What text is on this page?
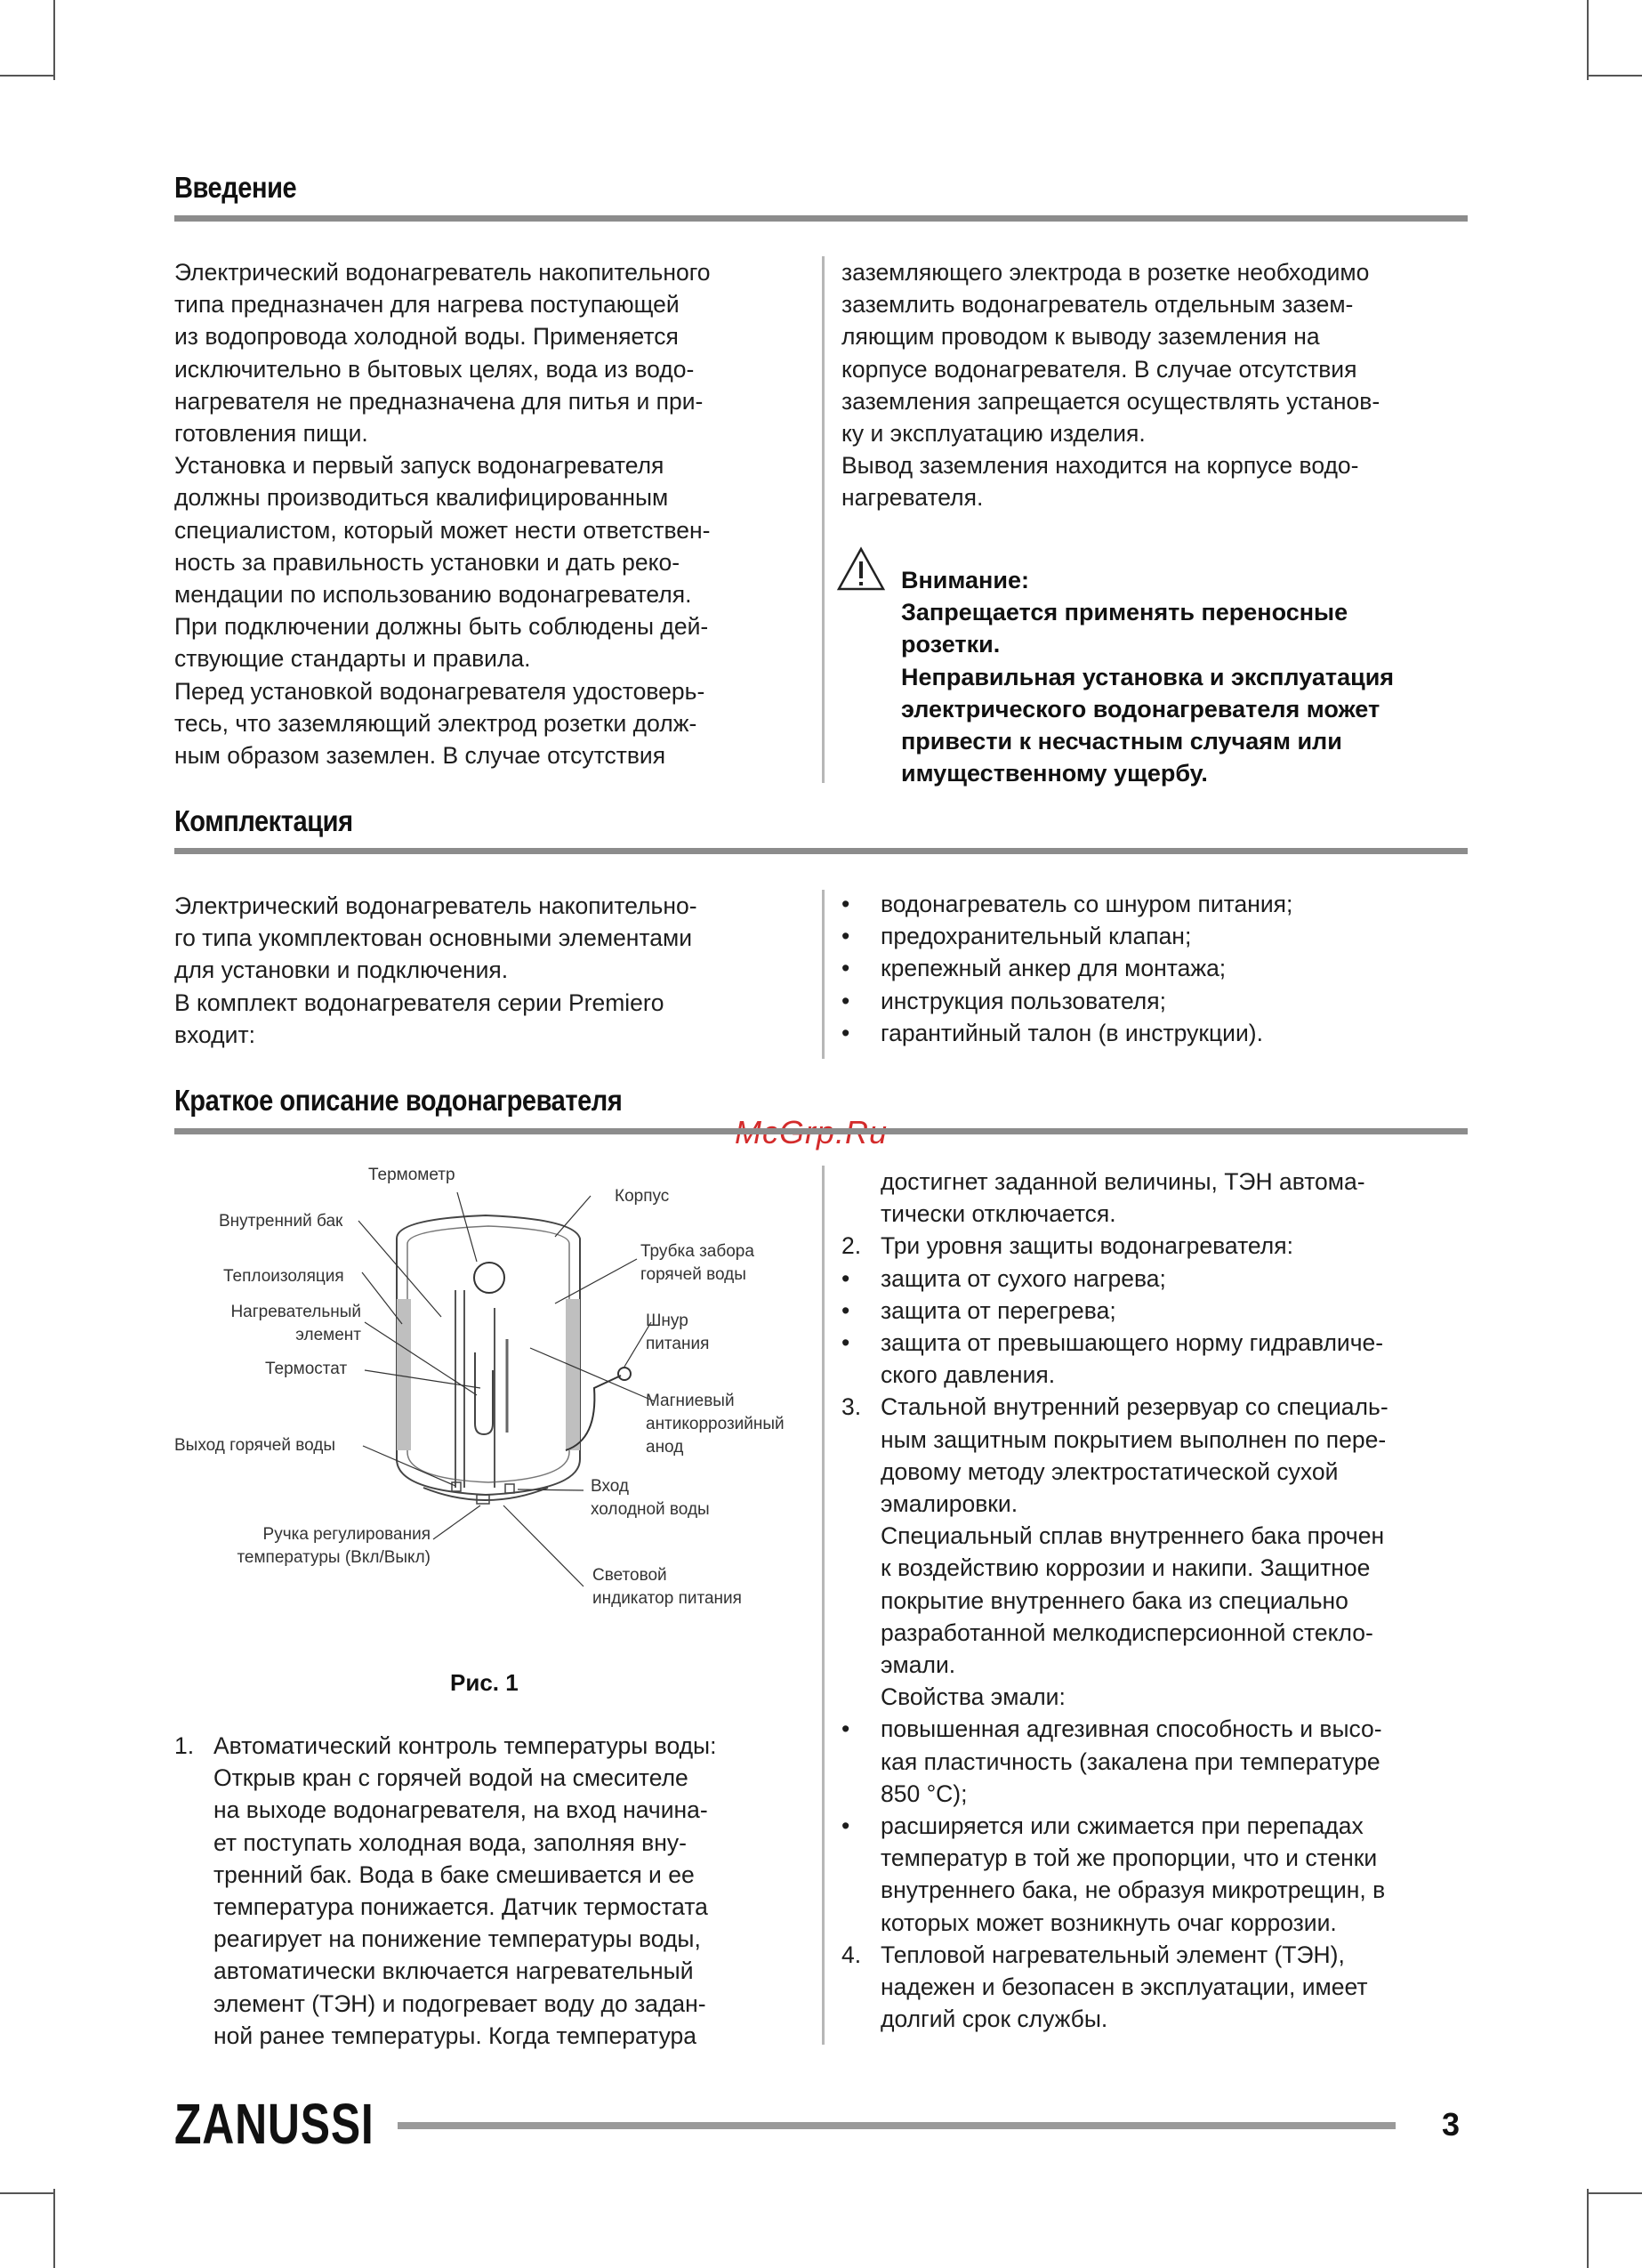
Введение
Электрический водонагреватель накопительного
типа предназначен для нагрева поступающей
из водопровода холодной воды. Применяется
исключительно в бытовых целях, вода из водо-
нагревателя не предназначена для питья и при-
готовления пищи.
Установка и первый запуск водонагревателя
должны производиться квалифицированным
специалистом, который может нести ответствен-
ность за правильность установки и дать реко-
мендации по использованию водонагревателя.
При подключении должны быть соблюдены дей-
ствующие стандарты и правила.
Перед установкой водонагревателя удостоверь-
тесь, что заземляющий электрод розетки долж-
ным образом заземлен. В случае отсутствия
заземляющего электрода в розетке необходимо
заземлить водонагреватель отдельным зазем-
ляющим проводом к выводу заземления на
корпусе водонагревателя. В случае отсутствия
заземления запрещается осуществлять установ-
ку и эксплуатацию изделия.
Вывод заземления находится на корпусе водо-
нагревателя.
Внимание:
Запрещается применять переносные
розетки.
Неправильная установка и эксплуатация
электрического водонагревателя может
привести к несчастным случаям или
имущественному ущербу.
Комплектация
Электрический водонагреватель накопительно-
го типа укомплектован основными элементами
для установки и подключения.
В комплект водонагревателя серии Premiero
входит:
•	водонагреватель со шнуром питания;
•	предохранительный клапан;
•	крепежный анкер для монтажа;
•	инструкция пользователя;
•	гарантийный талон (в инструкции).
Краткое описание водонагревателя
Термометр
Корпус
Внутренний бак
Трубка забора
горячей воды
Теплоизоляция
Нагревательный
элемент
Шнур
питания
Термостат
Магниевый
антикоррозийный
анод
Выход горячей воды
Вход
холодной воды
Ручка регулирования
температуры (Вкл/Выкл)
Световой
индикатор питания
Рис. 1
1. Автоматический контроль температуры воды:
Открыв кран с горячей водой на смесителе
на выходе водонагревателя, на вход начина-
ет поступать холодная вода, заполняя вну-
тренний бак. Вода в баке смешивается и ее
температура понижается. Датчик термостата
реагирует на понижение температуры воды,
автоматически включается нагревательный
элемент (ТЭН) и подогревает воду до задан-
ной ранее температуры. Когда температура
достигнет заданной величины, ТЭН автома-
тически отключается.
2. Три уровня защиты водонагревателя:
•	защита от сухого нагрева;
•	защита от перегрева;
•	защита от превышающего норму гидравличе-
ского давления.
3. Стальной внутренний резервуар со специаль-
ным защитным покрытием выполнен по пере-
довому методу электростатической сухой
эмалировки.
Специальный сплав внутреннего бака прочен
к воздействию коррозии и накипи. Защитное
покрытие внутреннего бака из специально
разработанной мелкодисперсионной стекло-
эмали.
Свойства эмали:
•	повышенная адгезивная способность и высо-
кая пластичность (закалена при температуре
850 °C);
•	расширяется или сжимается при перепадах
температур в той же пропорции, что и стенки
внутреннего бака, не образуя микротрещин, в
которых может возникнуть очаг коррозии.
4. Тепловой нагревательный элемент (ТЭН),
надежен и безопасен в эксплуатации, имеет
долгий срок службы.
ZANUSSI	3
